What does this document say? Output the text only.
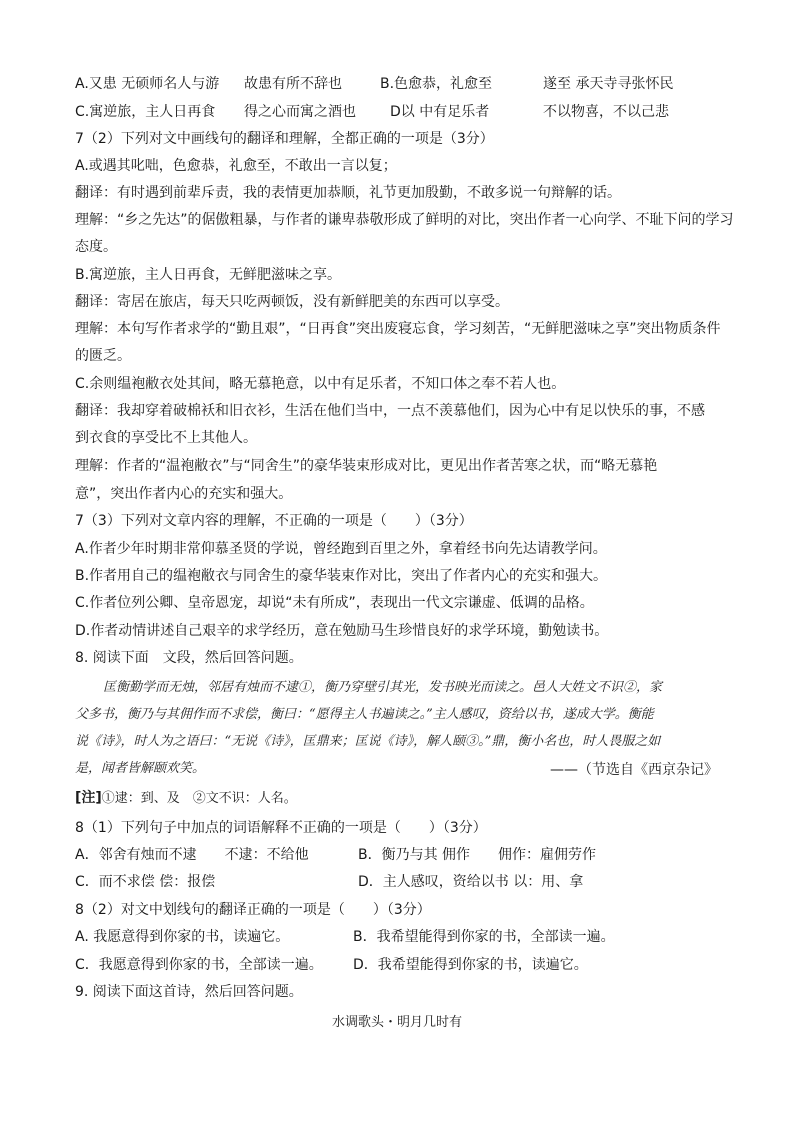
A.又患 无硕师名人与游 故患有所不辞也	B.色愈恭，礼愈至	遂至 承天寺寻张怀民
C.寓逆旅，主人日再食 得之心而寓之酒也 D以 中有足乐者	不以物喜，不以己悲
7（2）下列对文中画线句的翻译和理解，全都正确的一项是（3分）
A.或遇其叱咄，色愈恭，礼愈至，不敢出一言以复；
翻译：有时遇到前辈斥责，我的表情更加恭顺，礼节更加殷勤，不敢多说一句辩解的话。
理解：“乡之先达”的倨傲粗暴，与作者的谦卑恭敬形成了鲜明的对比，突出作者一心向学、不耻下问的学习
态度。
B.寓逆旅，主人日再食，无鲜肥滋味之享。
翻译：寄居在旅店，每天只吃两顿饭，没有新鲜肥美的东西可以享受。
理解：本句写作者求学的“勤且艰”，“日再食”突出废寝忘食，学习刻苦，“无鲜肥滋味之享”突出物质条件
的匮乏。
C.余则缊袍敝衣处其间，略无慕艳意，以中有足乐者，不知口体之奉不若人也。
翻译：我却穿着破棉袄和旧衣衫，生活在他们当中，一点不羡慕他们，因为心中有足以快乐的事，不感
到衣食的享受比不上其他人。
理解：作者的“温袍敝衣”与“同舍生”的豪华装束形成对比，更见出作者苦寒之状，而“略无慕艳
意”，突出作者内心的充实和强大。
7（3）下列对文章内容的理解，不正确的一项是（　　）（3分）
A.作者少年时期非常仰慕圣贤的学说，曾经跑到百里之外，拿着经书向先达请教学问。
B.作者用自己的缊袍敝衣与同舍生的豪华装束作对比，突出了作者内心的充实和强大。
C.作者位列公卿、皇帝恩宠，却说“未有所成”，表现出一代文宗谦虚、低调的品格。
D.作者动情讲述自己艰辛的求学经历，意在勉励马生珍惜良好的求学环境，勤勉读书。
8. 阅读下面　文段，然后回答问题。
匡衡勤学而无烛，邻居有烛而不逮①，衡乃穿壁引其光，发书映光而读之。邑人大姓文不识②，家
父多书，衡乃与其佣作而不求偿，衡曰：“愿得主人书遍读之。”主人感叹，资给以书，遂成大学。衡能
说《诗》，时人为之语曰：“无说《诗》，匡鼎来；匡说《诗》，解人颐③。”鼎，衡小名也，时人畏服之如
是，闻者皆解颐欢笑。	——（节选自《西京杂记》
[注]①逮：到、及　②文不识：人名。
8（1）下列句子中加点的词语解释不正确的一项是（　　）（3分）
A．邻舍有烛而不逮　　不逮：不给他	B．衡乃与其 佣作　　佣作：雇佣劳作
C．而不求偿 偿：报偿	D．主人感叹，资给以书 以：用、拿
8（2）对文中划线句的翻译正确的一项是（　　）（3分）
A. 我愿意得到你家的书，读遍它。	B．我希望能得到你家的书，全部读一遍。
C．我愿意得到你家的书，全部读一遍。 D．我希望能得到你家的书，读遍它。
9. 阅读下面这首诗，然后回答问题。
水调歌头・明月几时有
